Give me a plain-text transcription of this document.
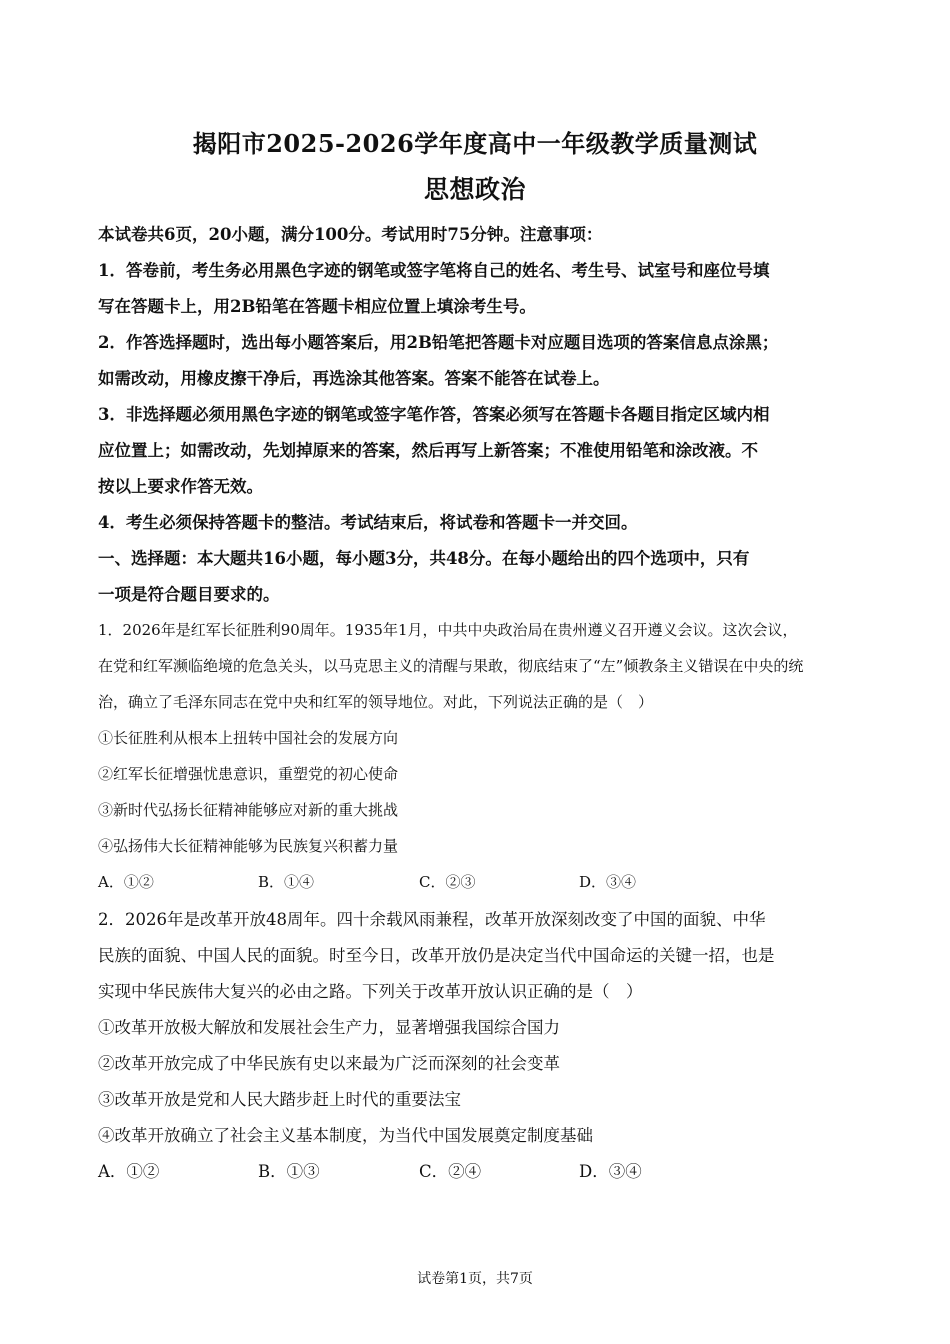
揭阳市2025-2026学年度高中一年级教学质量测试
思想政治
本试卷共6页，20小题，满分100分。考试用时75分钟。注意事项：
1．答卷前，考生务必用黑色字迹的钢笔或签字笔将自己的姓名、考生号、试室号和座位号填
写在答题卡上，用2B铅笔在答题卡相应位置上填涂考生号。
2．作答选择题时，选出每小题答案后，用2B铅笔把答题卡对应题目选项的答案信息点涂黑；
如需改动，用橡皮擦干净后，再选涂其他答案。答案不能答在试卷上。
3．非选择题必须用黑色字迹的钢笔或签字笔作答，答案必须写在答题卡各题目指定区域内相
应位置上；如需改动，先划掉原来的答案，然后再写上新答案；不准使用铅笔和涂改液。不
按以上要求作答无效。
4．考生必须保持答题卡的整洁。考试结束后，将试卷和答题卡一并交回。
一、选择题：本大题共16小题，每小题3分，共48分。在每小题给出的四个选项中，只有
一项是符合题目要求的。
1．2026年是红军长征胜利90周年。1935年1月，中共中央政治局在贵州遵义召开遵义会议。这次会议，
在党和红军濒临绝境的危急关头，以马克思主义的清醒与果敢，彻底结束了“左”倾教条主义错误在中央的统
治，确立了毛泽东同志在党中央和红军的领导地位。对此，下列说法正确的是（　）
①长征胜利从根本上扭转中国社会的发展方向
②红军长征增强忧患意识，重塑党的初心使命
③新时代弘扬长征精神能够应对新的重大挑战
④弘扬伟大长征精神能够为民族复兴积蓄力量
A．①②	B．①④	C．②③	D．③④
2．2026年是改革开放48周年。四十余载风雨兼程，改革开放深刻改变了中国的面貌、中华
民族的面貌、中国人民的面貌。时至今日，改革开放仍是决定当代中国命运的关键一招，也是
实现中华民族伟大复兴的必由之路。下列关于改革开放认识正确的是（　）
①改革开放极大解放和发展社会生产力，显著增强我国综合国力
②改革开放完成了中华民族有史以来最为广泛而深刻的社会变革
③改革开放是党和人民大踏步赶上时代的重要法宝
④改革开放确立了社会主义基本制度，为当代中国发展奠定制度基础
A．①②	B．①③	C．②④	D．③④
试卷第1页，共7页
